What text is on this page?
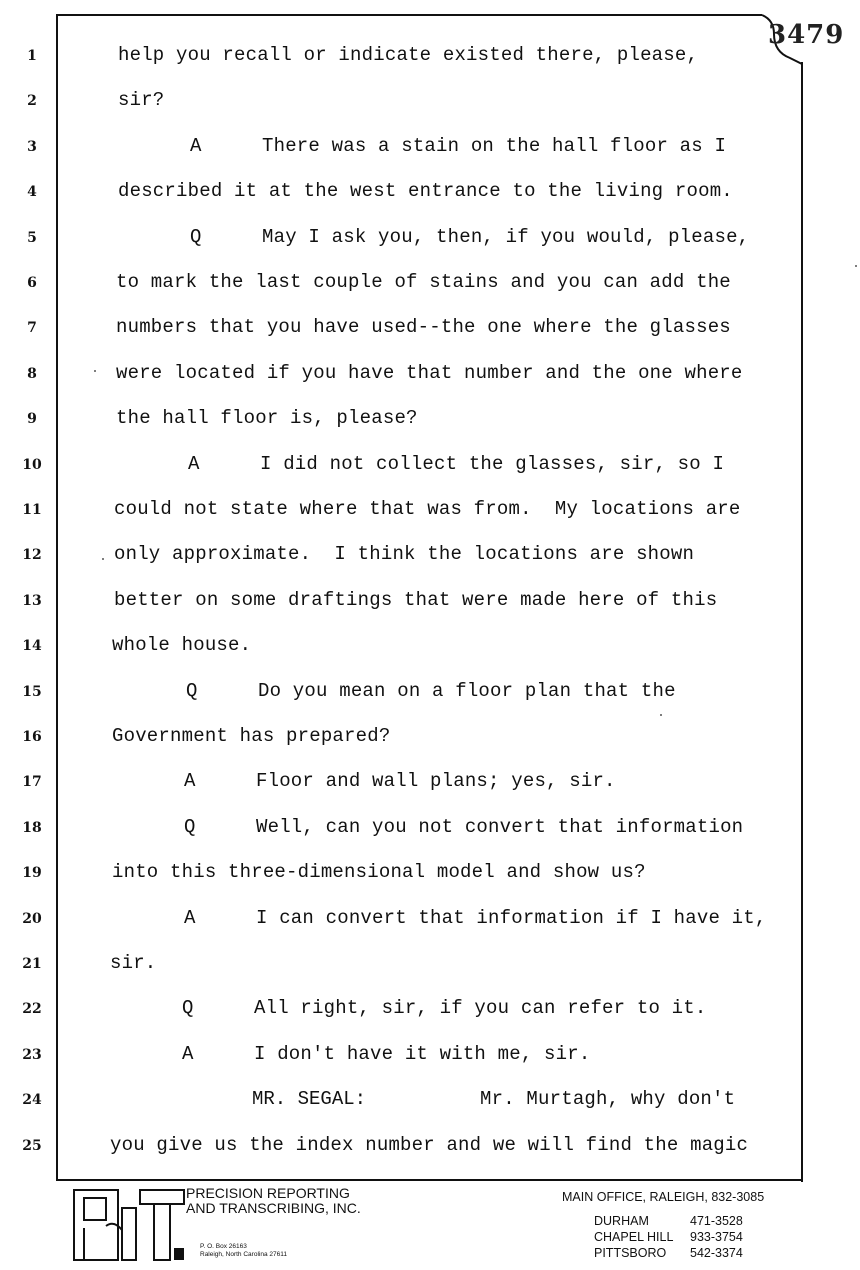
3479
1	help you recall or indicate existed there, please,
2	sir?
3	A	There was a stain on the hall floor as I
4	described it at the west entrance to the living room.
5	Q	May I ask you, then, if you would, please,
6	to mark the last couple of stains and you can add the
7	numbers that you have used--the one where the glasses
8	were located if you have that number and the one where
9	the hall floor is, please?
10	A	I did not collect the glasses, sir, so I
11	could not state where that was from.  My locations are
12	only approximate.  I think the locations are shown
13	better on some draftings that were made here of this
14	whole house.
15	Q	Do you mean on a floor plan that the
16	Government has prepared?
17	A	Floor and wall plans; yes, sir.
18	Q	Well, can you not convert that information
19	into this three-dimensional model and show us?
20	A	I can convert that information if I have it,
21	sir.
22	Q	All right, sir, if you can refer to it.
23	A	I don't have it with me, sir.
24	MR. SEGAL:	Mr. Murtagh, why don't
25	you give us the index number and we will find the magic
PRECISION REPORTING
AND TRANSCRIBING, INC.
P. O. Box 26163
Raleigh, North Carolina 27611
MAIN OFFICE, RALEIGH, 832-3085
DURHAM	471-3528
CHAPEL HILL 933-3754
PITTSBORO 542-3374
